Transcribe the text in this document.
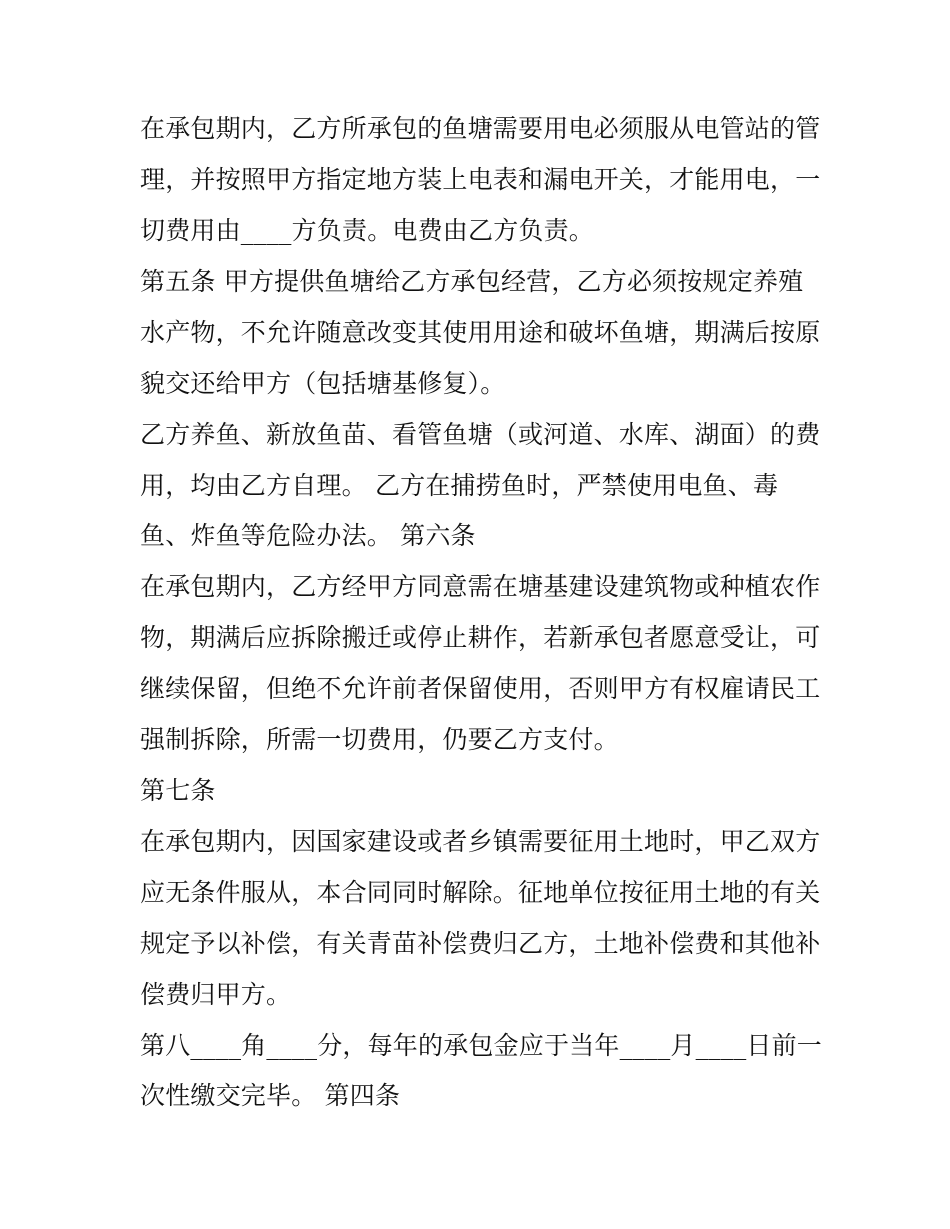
在承包期内，乙方所承包的鱼塘需要用电必须服从电管站的管
理，并按照甲方指定地方装上电表和漏电开关，才能用电，一
切费用由____方负责。电费由乙方负责。
第五条 甲方提供鱼塘给乙方承包经营，乙方必须按规定养殖
水产物，不允许随意改变其使用用途和破坏鱼塘，期满后按原
貌交还给甲方（包括塘基修复）。
乙方养鱼、新放鱼苗、看管鱼塘（或河道、水库、湖面）的费
用，均由乙方自理。 乙方在捕捞鱼时，严禁使用电鱼、毒
鱼、炸鱼等危险办法。 第六条
在承包期内，乙方经甲方同意需在塘基建设建筑物或种植农作
物，期满后应拆除搬迁或停止耕作，若新承包者愿意受让，可
继续保留，但绝不允许前者保留使用，否则甲方有权雇请民工
强制拆除，所需一切费用，仍要乙方支付。
第七条
在承包期内，因国家建设或者乡镇需要征用土地时，甲乙双方
应无条件服从，本合同同时解除。征地单位按征用土地的有关
规定予以补偿，有关青苗补偿费归乙方，土地补偿费和其他补
偿费归甲方。
第八____角____分，每年的承包金应于当年____月____日前一
次性缴交完毕。 第四条
